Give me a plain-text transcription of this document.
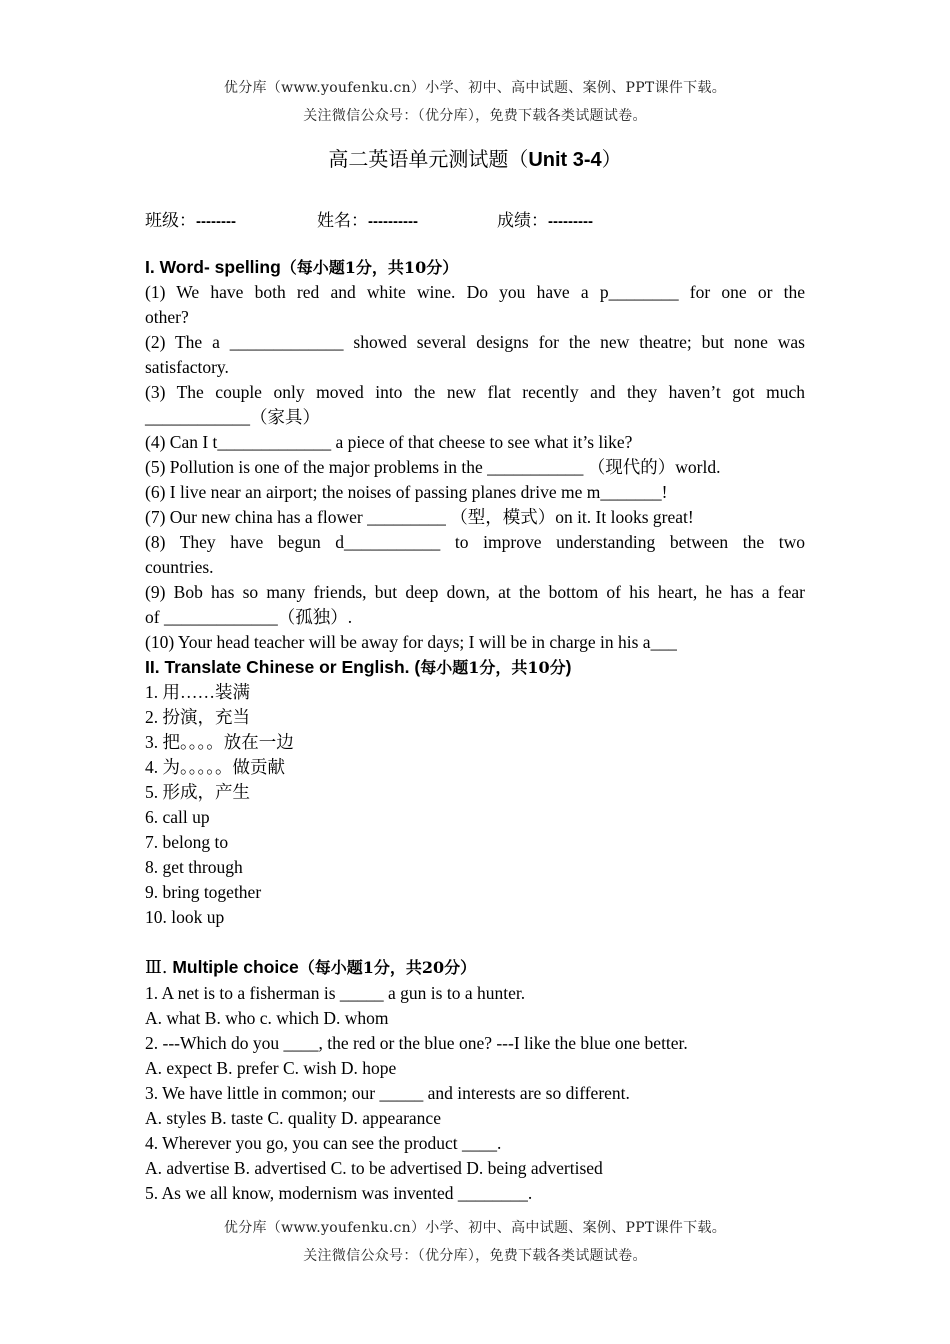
优分库（www.youfenku.cn）小学、初中、高中试题、案例、PPT课件下载。
关注微信公众号：（优分库），免费下载各类试题试卷。
高二英语单元测试题（Unit 3-4）
班级：--------	姓名：----------	成绩：---------
I. Word- spelling（每小题1分，共10分）
(1) We have both red and white wine. Do you have a p________ for one or the
other?
(2) The a _____________ showed several designs for the new theatre; but none was
satisfactory.
(3) The couple only moved into the new flat recently and they haven’t got much
____________（家具）
(4) Can I t_____________ a piece of that cheese to see what it’s like?
(5) Pollution is one of the major problems in the ___________ （现代的）world.
(6) I live near an airport; the noises of passing planes drive me m_______!
(7) Our new china has a flower _________ （型，模式）on it. It looks great!
(8) They have begun d___________ to improve understanding between the two
countries.
(9) Bob has so many friends, but deep down, at the bottom of his heart, he has a fear
of _____________（孤独）.
(10) Your head teacher will be away for days; I will be in charge in his a___
II. Translate Chinese or English. (每小题1分，共10分)
1. 用……装满
2. 扮演，充当
3. 把。。。。放在一边
4. 为。。。。。做贡献
5. 形成，产生
6. call up
7. belong to
8. get through
9. bring together
10. look up
Ⅲ. Multiple choice（每小题1分，共20分）
1. A net is to a fisherman is _____ a gun is to a hunter.
A. what B. who c. which D. whom
2. ---Which do you ____, the red or the blue one? ---I like the blue one better.
A. expect B. prefer C. wish D. hope
3. We have little in common; our _____ and interests are so different.
A. styles B. taste C. quality D. appearance
4. Wherever you go, you can see the product ____.
A. advertise B. advertised C. to be advertised D. being advertised
5. As we all know, modernism was invented ________.
优分库（www.youfenku.cn）小学、初中、高中试题、案例、PPT课件下载。
关注微信公众号：（优分库），免费下载各类试题试卷。
